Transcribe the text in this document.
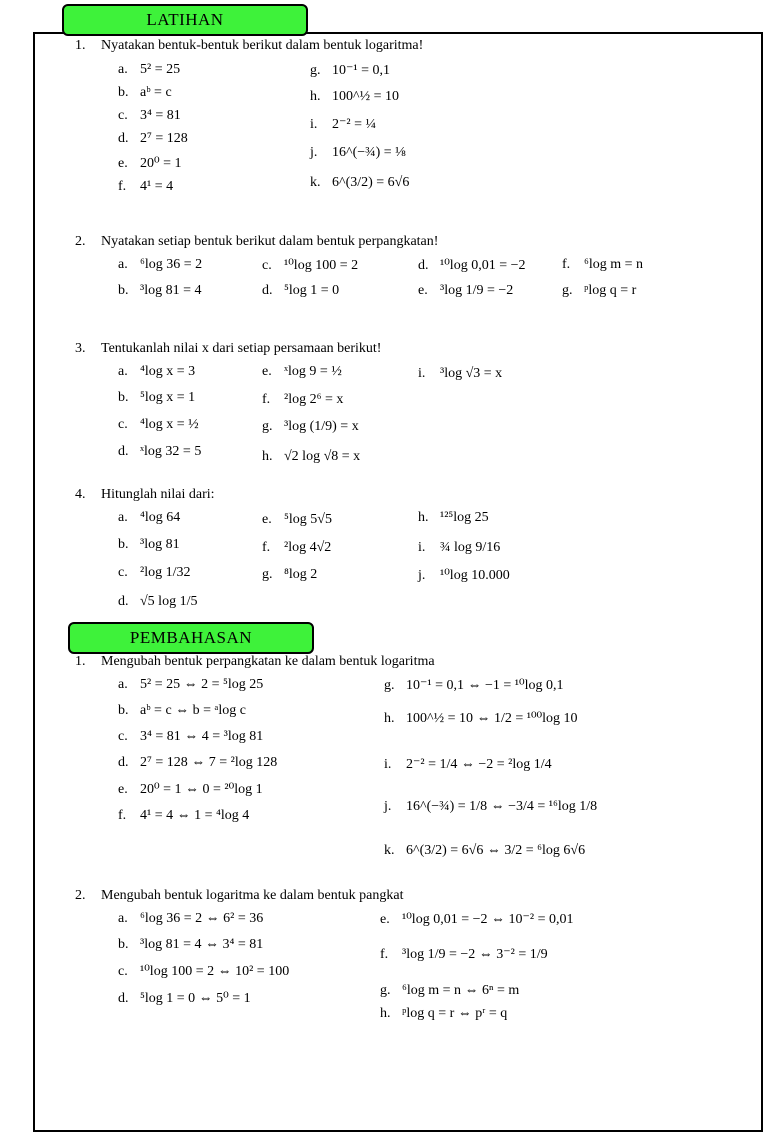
LATIHAN
PEMBAHASAN
1. Nyatakan bentuk-bentuk berikut dalam bentuk logaritma!
a. 5² = 25
b. aᵇ = c
c. 3⁴ = 81
d. 2⁷ = 128
e. 20⁰ = 1
f. 4¹ = 4
g. 10⁻¹ = 0,1
h. 100^½ = 10
i. 2⁻² = ¼
j. 16^(−¾) = ⅛
k. 6^(3/2) = 6√6
2. Nyatakan setiap bentuk berikut dalam bentuk perpangkatan!
a. ⁶log 36 = 2
b. ³log 81 = 4
c. ¹⁰log 100 = 2
d. ⁵log 1 = 0
d. ¹⁰log 0,01 = −2
e. ³log 1/9 = −2
f. ⁶log m = n
g. ᵖlog q = r
3. Tentukanlah nilai x dari setiap persamaan berikut!
a. ⁴log x = 3
b. ⁵log x = 1
c. ⁴log x = ½
d. ˣlog 32 = 5
e. ˣlog 9 = ½
f. ²log 2⁶ = x
g. ³log (1/9) = x
h. √2 log √8 = x
i. ³log √3 = x
4. Hitunglah nilai dari:
a. ⁴log 64
b. ³log 81
c. ²log 1/32
d. √5 log 1/5
e. ⁵log 5√5
f. ²log 4√2
g. ⁸log 2
h. ¹²⁵log 25
i. ¾ log 9/16
j. ¹⁰log 10.000
1. Mengubah bentuk perpangkatan ke dalam bentuk logaritma
a. 5² = 25 ⇔ 2 = ⁵log 25
b. aᵇ = c ⇔ b = ᵃlog c
c. 3⁴ = 81 ⇔ 4 = ³log 81
d. 2⁷ = 128 ⇔ 7 = ²log 128
e. 20⁰ = 1 ⇔ 0 = ²⁰log 1
f. 4¹ = 4 ⇔ 1 = ⁴log 4
g. 10⁻¹ = 0,1 ⇔ −1 = ¹⁰log 0,1
h. 100^½ = 10 ⇔ 1/2 = ¹⁰⁰log 10
i. 2⁻² = 1/4 ⇔ −2 = ²log 1/4
j. 16^(−¾) = 1/8 ⇔ −3/4 = ¹⁶log 1/8
k. 6^(3/2) = 6√6 ⇔ 3/2 = ⁶log 6√6
2. Mengubah bentuk logaritma ke dalam bentuk pangkat
a. ⁶log 36 = 2 ⇔ 6² = 36
b. ³log 81 = 4 ⇔ 3⁴ = 81
c. ¹⁰log 100 = 2 ⇔ 10² = 100
d. ⁵log 1 = 0 ⇔ 5⁰ = 1
e. ¹⁰log 0,01 = −2 ⇔ 10⁻² = 0,01
f. ³log 1/9 = −2 ⇔ 3⁻² = 1/9
g. ⁶log m = n ⇔ 6ⁿ = m
h. ᵖlog q = r ⇔ pʳ = q
